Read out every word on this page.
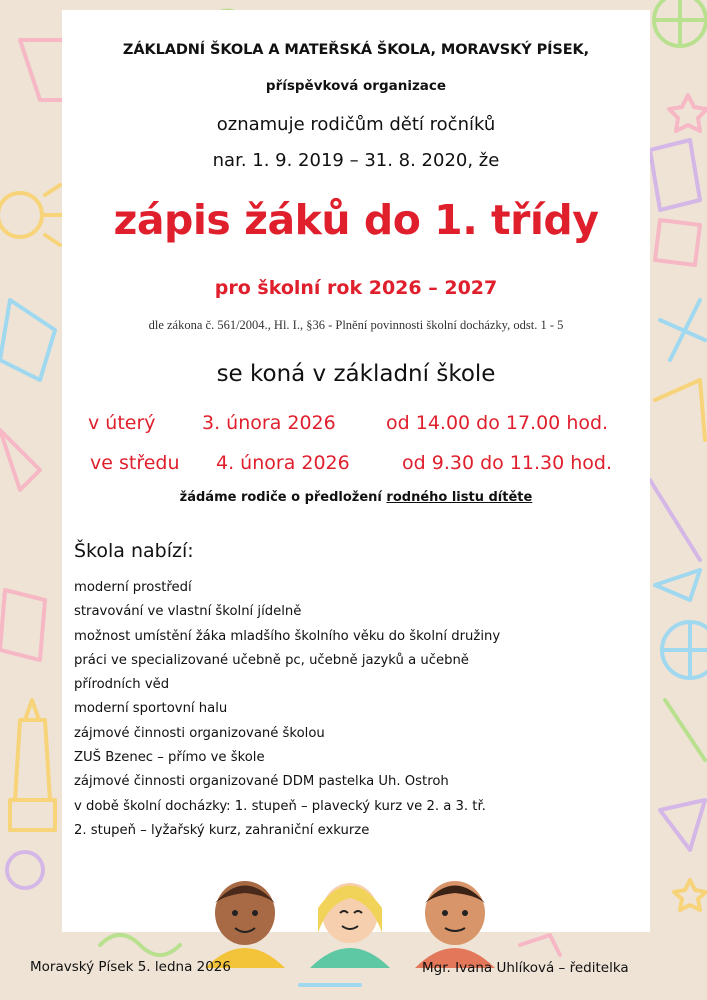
ZÁKLADNÍ ŠKOLA A MATEŘSKÁ ŠKOLA, MORAVSKÝ PÍSEK,
příspěvková organizace
oznamuje rodičům dětí ročníků
nar. 1. 9. 2019 – 31. 8. 2020, že
zápis žáků do 1. třídy
pro školní rok 2026 – 2027
dle zákona č. 561/2004., Hl. I., §36 - Plnění povinnosti školní docházky, odst. 1 - 5
se koná v základní škole
v úterý 3. února 2026	od 14.00 do 17.00 hod.
ve středu 4. února 2026	od 9.30 do 11.30 hod.
žádáme rodiče o předložení rodného listu dítěte
Škola nabízí:
moderní prostředí
stravování ve vlastní školní jídelně
možnost umístění žáka mladšího školního věku do školní družiny
práci ve specializované učebně pc, učebně jazyků a učebně
přírodních věd
moderní sportovní halu
zájmové činnosti organizované školou
ZUŠ Bzenec – přímo ve škole
zájmové činnosti organizované DDM pastelka Uh. Ostroh
v době školní docházky: 1. stupeň – plavecký kurz ve 2. a 3. tř.
2. stupeň – lyžařský kurz, zahraniční exkurze
Moravský Písek 5. ledna 2026	Mgr. Ivana Uhlíková – ředitelka
